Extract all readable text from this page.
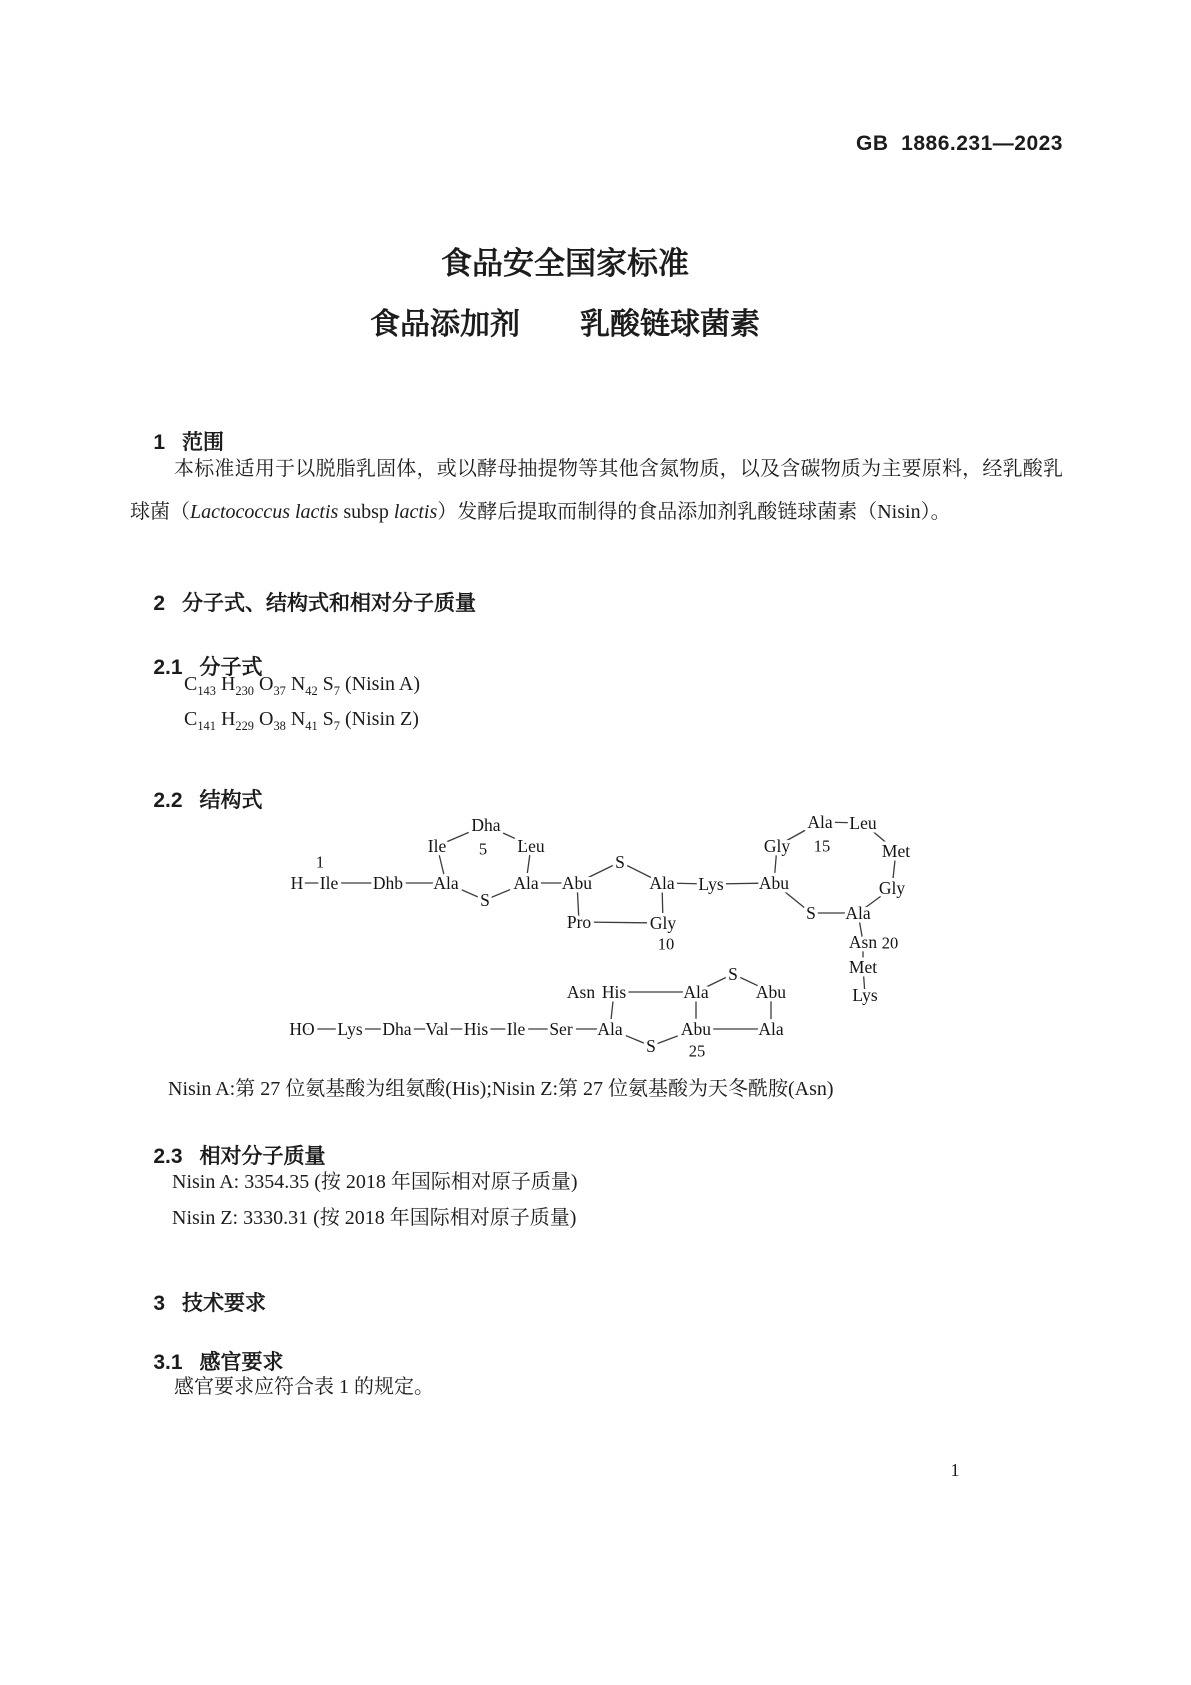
GB  1886.231—2023
食品安全国家标准
食品添加剂　　乳酸链球菌素

1 范围

本标准适用于以脱脂乳固体，或以酵母抽提物等其他含氮物质，以及含碳物质为主要原料，经乳酸乳球菌（Lactococcus lactis subsp lactis）发酵后提取而制得的食品添加剂乳酸链球菌素（Nisin）。

2 分子式、结构式和相对分子质量

2.1 分子式

$C_{143}$ $H_{230}$ $O_{37}$ $N_{42}$ $S_7$ (Nisin A)
$C_{141}$ $H_{229}$ $O_{38}$ $N_{41}$ $S_7$ (Nisin Z)

2.2 结构式

H
1
Ile Dhb Ala
Ile
Dha
5 Leu
Ala
S
Abu
S
Ala
Pro	Gly
10
Lys Abu
Gly
Ala
15
Leu
Met
Gly
S Ala
Asn 20
Met
Lys
HO Lys Dha Val His Ile Ser Ala
S
Abu
25
Ala
Asn His	Ala
S
Abu
Nisin A:第 27 位氨基酸为组氨酸(His);Nisin Z:第 27 位氨基酸为天冬酰胺(Asn)

2.3 相对分子质量

Nisin A: 3354.35 (按 2018 年国际相对原子质量)
Nisin Z: 3330.31 (按 2018 年国际相对原子质量)

3 技术要求

3.1 感官要求

感官要求应符合表 1 的规定。
1
